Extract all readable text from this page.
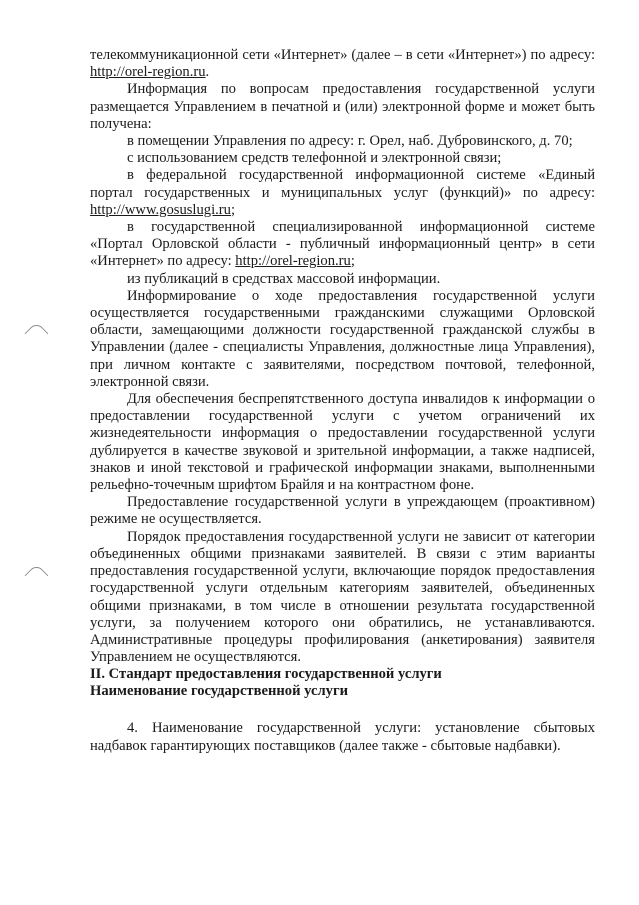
телекоммуникационной сети «Интернет» (далее – в сети «Интернет») по адресу: http://orel-region.ru.

Информация по вопросам предоставления государственной услуги размещается Управлением в печатной и (или) электронной форме и может быть получена:

в помещении Управления по адресу: г. Орел, наб. Дубровинского, д. 70;

с использованием средств телефонной и электронной связи;

в федеральной государственной информационной системе «Единый портал государственных и муниципальных услуг (функций)» по адресу: http://www.gosuslugi.ru;

в государственной специализированной информационной системе «Портал Орловской области - публичный информационный центр» в сети «Интернет» по адресу: http://orel-region.ru;

из публикаций в средствах массовой информации.

Информирование о ходе предоставления государственной услуги осуществляется государственными гражданскими служащими Орловской области, замещающими должности государственной гражданской службы в Управлении (далее - специалисты Управления, должностные лица Управления), при личном контакте с заявителями, посредством почтовой, телефонной, электронной связи.

Для обеспечения беспрепятственного доступа инвалидов к информации о предоставлении государственной услуги с учетом ограничений их жизнедеятельности информация о предоставлении государственной услуги дублируется в качестве звуковой и зрительной информации, а также надписей, знаков и иной текстовой и графической информации знаками, выполненными рельефно-точечным шрифтом Брайля и на контрастном фоне.

Предоставление государственной услуги в упреждающем (проактивном) режиме не осуществляется.

Порядок предоставления государственной услуги не зависит от категории объединенных общими признаками заявителей. В связи с этим варианты предоставления государственной услуги, включающие порядок предоставления государственной услуги отдельным категориям заявителей, объединенных общими признаками, в том числе в отношении результата государственной услуги, за получением которого они обратились, не устанавливаются. Административные процедуры профилирования (анкетирования) заявителя Управлением не осуществляются.

II. Стандарт предоставления государственной услуги

Наименование государственной услуги

4. Наименование государственной услуги: установление сбытовых надбавок гарантирующих поставщиков (далее также - сбытовые надбавки).
